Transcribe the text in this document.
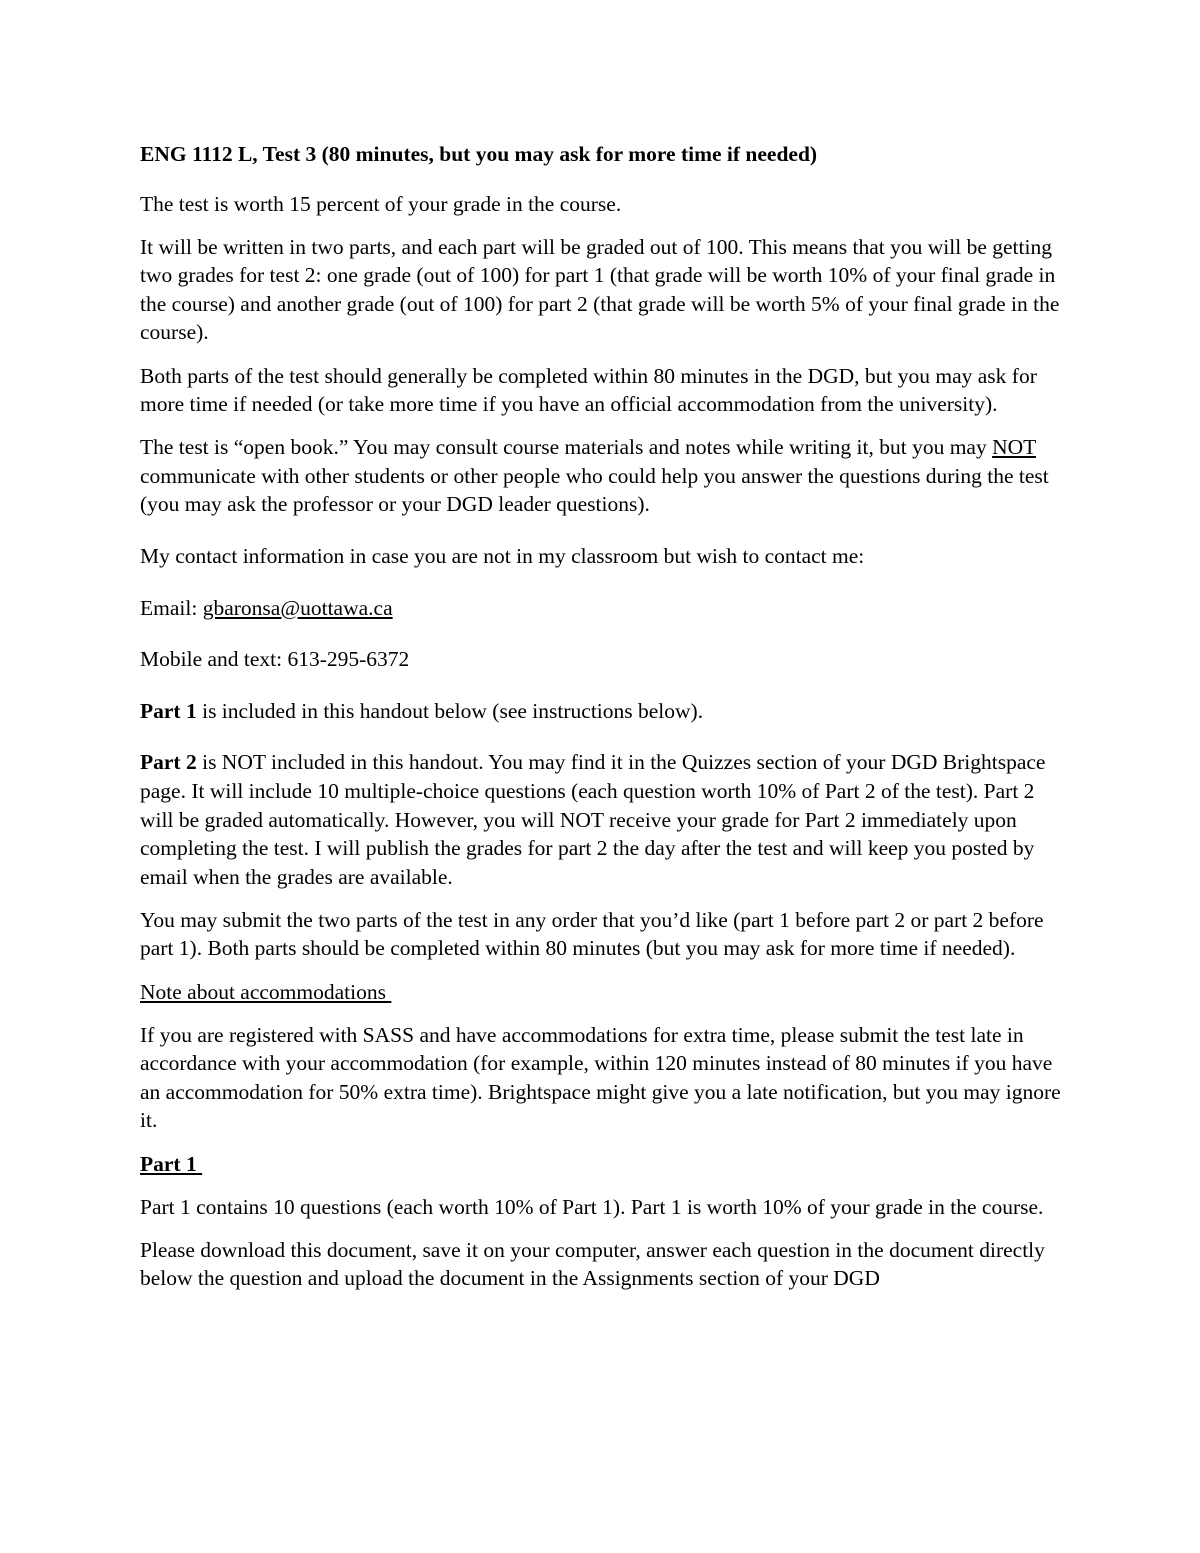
ENG 1112 L, Test 3 (80 minutes, but you may ask for more time if needed)

The test is worth 15 percent of your grade in the course.

It will be written in two parts, and each part will be graded out of 100. This means that you will be getting two grades for test 2: one grade (out of 100) for part 1 (that grade will be worth 10% of your final grade in the course) and another grade (out of 100) for part 2 (that grade will be worth 5% of your final grade in the course).

Both parts of the test should generally be completed within 80 minutes in the DGD, but you may ask for more time if needed (or take more time if you have an official accommodation from the university).

The test is “open book.” You may consult course materials and notes while writing it, but you may NOT communicate with other students or other people who could help you answer the questions during the test (you may ask the professor or your DGD leader questions).

My contact information in case you are not in my classroom but wish to contact me:

Email: gbaronsa@uottawa.ca

Mobile and text: 613-295-6372

Part 1 is included in this handout below (see instructions below).

Part 2 is NOT included in this handout. You may find it in the Quizzes section of your DGD Brightspace page. It will include 10 multiple-choice questions (each question worth 10% of Part 2 of the test). Part 2 will be graded automatically. However, you will NOT receive your grade for Part 2 immediately upon completing the test. I will publish the grades for part 2 the day after the test and will keep you posted by email when the grades are available.

You may submit the two parts of the test in any order that you’d like (part 1 before part 2 or part 2 before part 1). Both parts should be completed within 80 minutes (but you may ask for more time if needed).

Note about accommodations

If you are registered with SASS and have accommodations for extra time, please submit the test late in accordance with your accommodation (for example, within 120 minutes instead of 80 minutes if you have an accommodation for 50% extra time). Brightspace might give you a late notification, but you may ignore it.

Part 1

Part 1 contains 10 questions (each worth 10% of Part 1). Part 1 is worth 10% of your grade in the course.

Please download this document, save it on your computer, answer each question in the document directly below the question and upload the document in the Assignments section of your DGD
